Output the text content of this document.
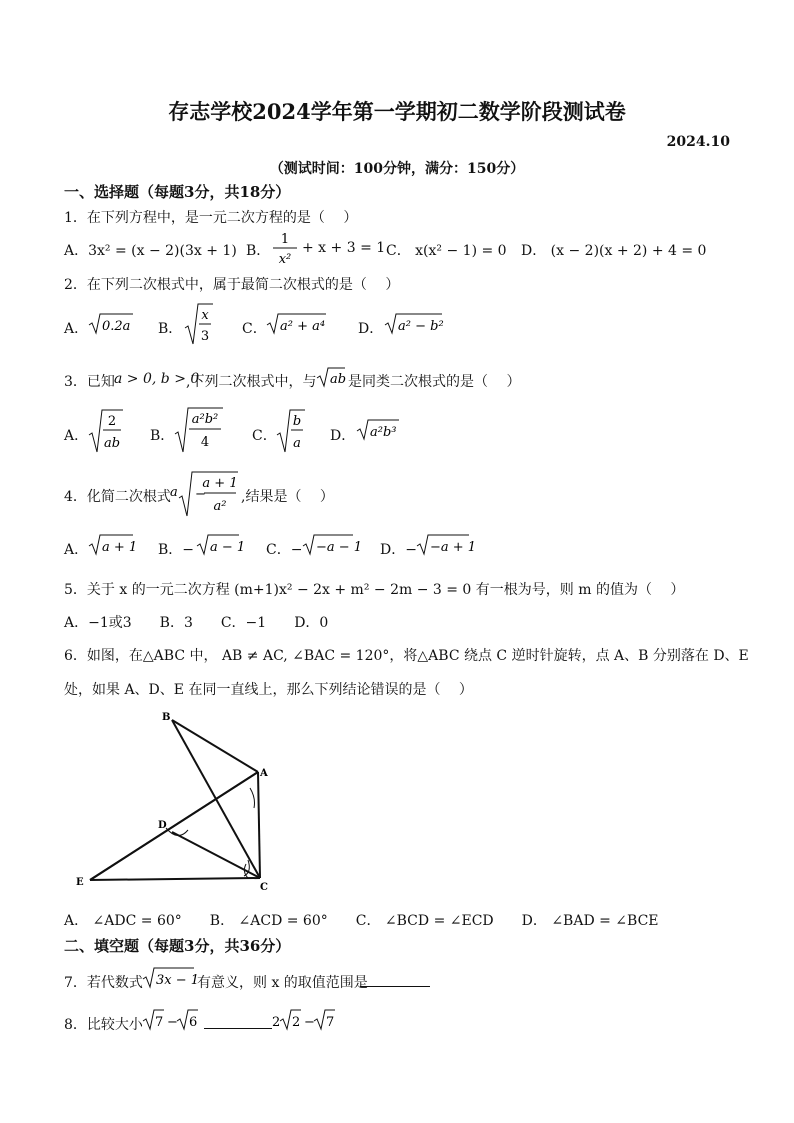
存志学校2024学年第一学期初二数学阶段测试卷
2024.10
（测试时间：100分钟，满分：150分）
一、选择题（每题3分，共18分）
1．在下列方程中，是一元二次方程的是（　 ）
A．3x² = (x − 2)(3x + 1) B．
1
x²
+ x + 3 = 1 C． x(x² − 1) = 0 D． (x − 2)(x + 2) + 4 = 0
2．在下列二次根式中，属于最简二次根式的是（　 ）
A． 0.2a B．
x
3 C． a² + a⁴ D． a² − b²
3．已知 a > 0, b > 0
,下列二次根式中，与 ab 是同类二次根式的是（　 ）
A．
2
ab B．
a²b²
4	C．
b
a D． a²b³
4．化简二次根式 a −
a + 1
a²
,结果是（　 ）
A． a + 1 B．− a − 1 C．− −a − 1 D．− −a + 1
5．关于 x 的一元二次方程 (m+1)x² − 2x + m² − 2m − 3 = 0 有一根为号，则 m 的值为（　 ）
A．−1或3　　B．3　　C．−1　　D．0
6．如图，在△ABC 中， AB ≠ AC, ∠BAC = 120°，将△ABC 绕点 C 逆时针旋转，点 A、B 分别落在 D、E
处，如果 A、D、E 在同一直线上，那么下列结论错误的是（　 ）
B
A
D
E	C
A． ∠ADC = 60°　　B． ∠ACD = 60°　　C． ∠BCD = ∠ECD　　D． ∠BAD = ∠BCE
二、填空题（每题3分，共36分）
7．若代数式 3x − 1
有意义，则 x 的取值范围是
8．比较大小 7 − 6	2 2 − 7
